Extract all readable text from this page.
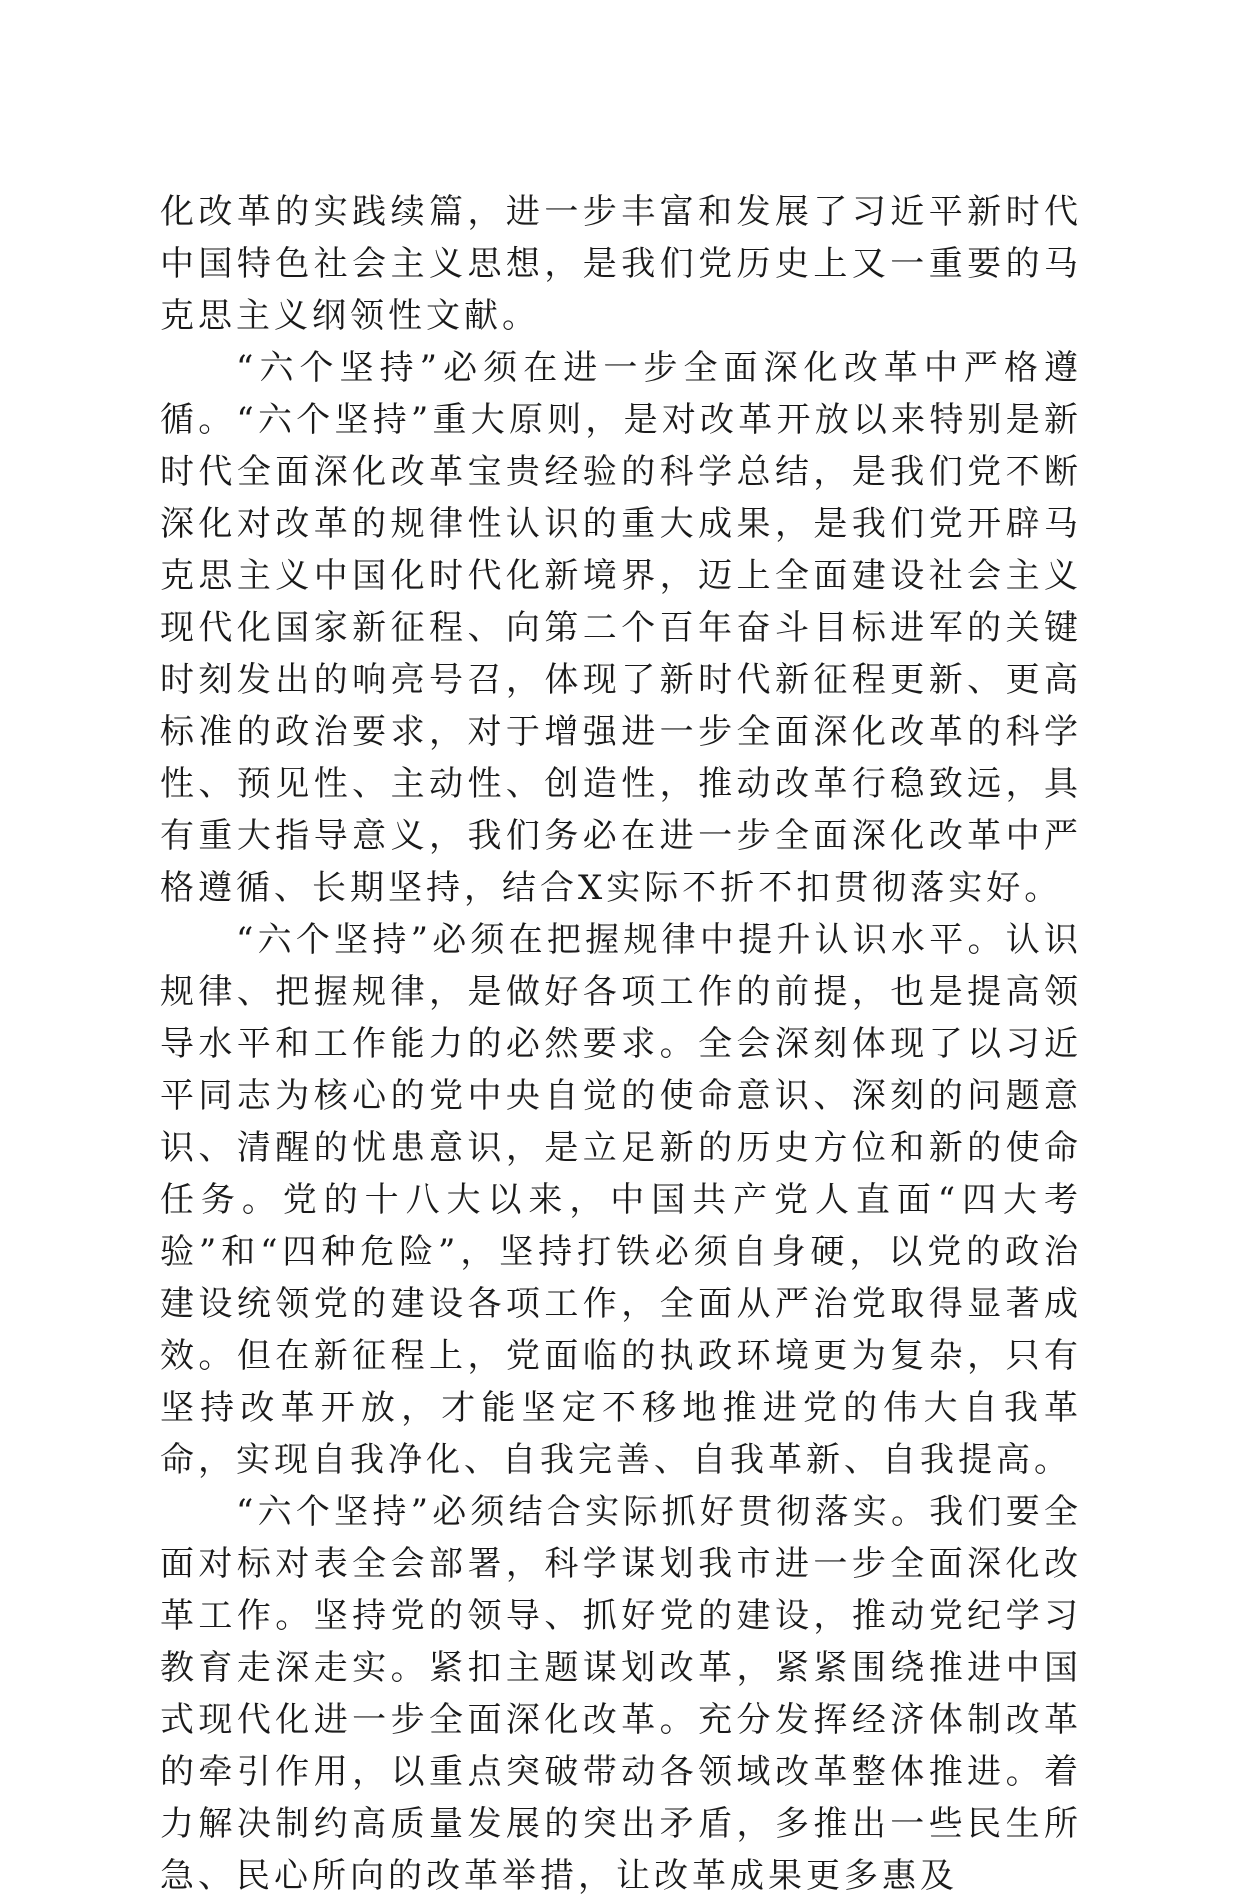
化改革的实践续篇，进一步丰富和发展了习近平新时代中国特色社会主义思想，是我们党历史上又一重要的马克思主义纲领性文献。

“六个坚持”必须在进一步全面深化改革中严格遵循。“六个坚持”重大原则，是对改革开放以来特别是新时代全面深化改革宝贵经验的科学总结，是我们党不断深化对改革的规律性认识的重大成果，是我们党开辟马克思主义中国化时代化新境界，迈上全面建设社会主义现代化国家新征程、向第二个百年奋斗目标进军的关键时刻发出的响亮号召，体现了新时代新征程更新、更高标准的政治要求，对于增强进一步全面深化改革的科学性、预见性、主动性、创造性，推动改革行稳致远，具有重大指导意义，我们务必在进一步全面深化改革中严格遵循、长期坚持，结合X实际不折不扣贯彻落实好。

“六个坚持”必须在把握规律中提升认识水平。认识规律、把握规律，是做好各项工作的前提，也是提高领导水平和工作能力的必然要求。全会深刻体现了以习近平同志为核心的党中央自觉的使命意识、深刻的问题意识、清醒的忧患意识，是立足新的历史方位和新的使命任务。党的十八大以来，中国共产党人直面“四大考验”和“四种危险”，坚持打铁必须自身硬，以党的政治建设统领党的建设各项工作，全面从严治党取得显著成效。但在新征程上，党面临的执政环境更为复杂，只有坚持改革开放，才能坚定不移地推进党的伟大自我革命，实现自我净化、自我完善、自我革新、自我提高。

“六个坚持”必须结合实际抓好贯彻落实。我们要全面对标对表全会部署，科学谋划我市进一步全面深化改革工作。坚持党的领导、抓好党的建设，推动党纪学习教育走深走实。紧扣主题谋划改革，紧紧围绕推进中国式现代化进一步全面深化改革。充分发挥经济体制改革的牵引作用，以重点突破带动各领域改革整体推进。着力解决制约高质量发展的突出矛盾，多推出一些民生所急、民心所向的改革举措，让改革成果更多惠及
